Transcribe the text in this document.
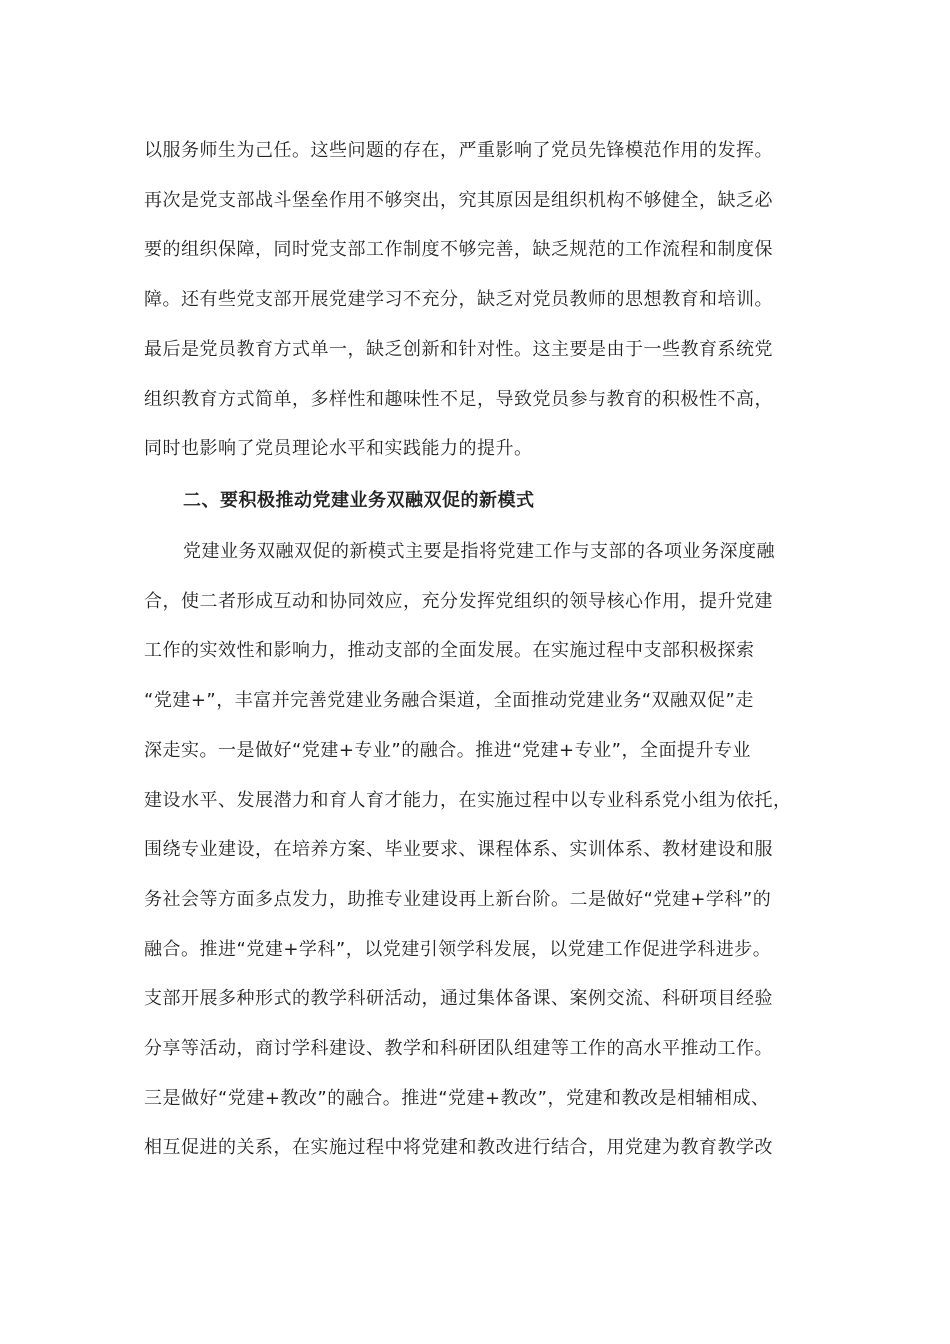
以服务师生为己任。这些问题的存在，严重影响了党员先锋模范作用的发挥。
再次是党支部战斗堡垒作用不够突出，究其原因是组织机构不够健全，缺乏必
要的组织保障，同时党支部工作制度不够完善，缺乏规范的工作流程和制度保
障。还有些党支部开展党建学习不充分，缺乏对党员教师的思想教育和培训。
最后是党员教育方式单一，缺乏创新和针对性。这主要是由于一些教育系统党
组织教育方式简单，多样性和趣味性不足，导致党员参与教育的积极性不高，
同时也影响了党员理论水平和实践能力的提升。
二、要积极推动党建业务双融双促的新模式
党建业务双融双促的新模式主要是指将党建工作与支部的各项业务深度融
合，使二者形成互动和协同效应，充分发挥党组织的领导核心作用，提升党建
工作的实效性和影响力，推动支部的全面发展。在实施过程中支部积极探索
“党建+”，丰富并完善党建业务融合渠道，全面推动党建业务“双融双促”走
深走实。一是做好“党建+专业”的融合。推进“党建+专业”，全面提升专业
建设水平、发展潜力和育人育才能力，在实施过程中以专业科系党小组为依托，
围绕专业建设，在培养方案、毕业要求、课程体系、实训体系、教材建设和服
务社会等方面多点发力，助推专业建设再上新台阶。二是做好“党建+学科”的
融合。推进“党建+学科”，以党建引领学科发展，以党建工作促进学科进步。
支部开展多种形式的教学科研活动，通过集体备课、案例交流、科研项目经验
分享等活动，商讨学科建设、教学和科研团队组建等工作的高水平推动工作。
三是做好“党建+教改”的融合。推进“党建+教改”，党建和教改是相辅相成、
相互促进的关系，在实施过程中将党建和教改进行结合，用党建为教育教学改
